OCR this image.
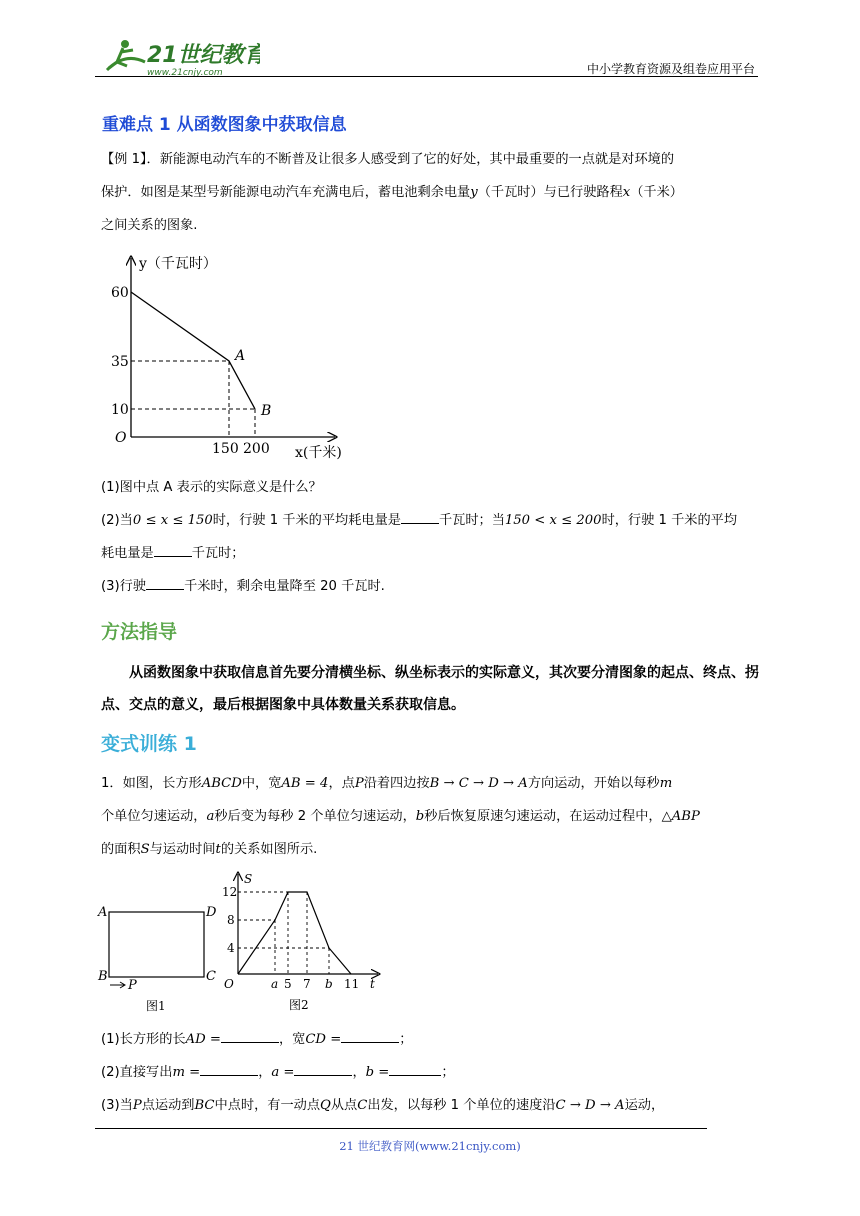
21世纪教育
www.21cnjy.com	中小学教育资源及组卷应用平台
重难点 1 从函数图象中获取信息
【例 1】．新能源电动汽车的不断普及让很多人感受到了它的好处，其中最重要的一点就是对环境的
保护．如图是某型号新能源电动汽车充满电后，蓄电池剩余电量y（千瓦时）与已行驶路程x（千米）
之间关系的图象.
y（千瓦时）
x(千米)
O
60
35
10
150 200
A
B
(1)图中点 A 表示的实际意义是什么？
(2)当0 ≤ x ≤ 150时，行驶 1 千米的平均耗电量是	千瓦时；当150 < x ≤ 200时，行驶 1 千米的平均
耗电量是	千瓦时；
(3)行驶	千米时，剩余电量降至 20 千瓦时.
方法指导
从函数图象中获取信息首先要分清横坐标、纵坐标表示的实际意义，其次要分清图象的起点、终点、拐点、交点的意义，最后根据图象中具体数量关系获取信息。
变式训练 1
1．如图，长方形ABCD中，宽AB = 4，点P沿着四边按B → C → D → A方向运动，开始以每秒m
个单位匀速运动，a秒后变为每秒 2 个单位匀速运动，b秒后恢复原速匀速运动，在运动过程中，△ABP
的面积S与运动时间t的关系如图所示.
A	D
B	C
P
图1
S
t
O
12
8
4
a 5 7 b 11
图2
(1)长方形的长AD =	，宽CD =	；
(2)直接写出m =	，a =	，b =	；
(3)当P点运动到BC中点时，有一动点Q从点C出发，以每秒 1 个单位的速度沿C → D → A运动，
21 世纪教育网(www.21cnjy.com)
